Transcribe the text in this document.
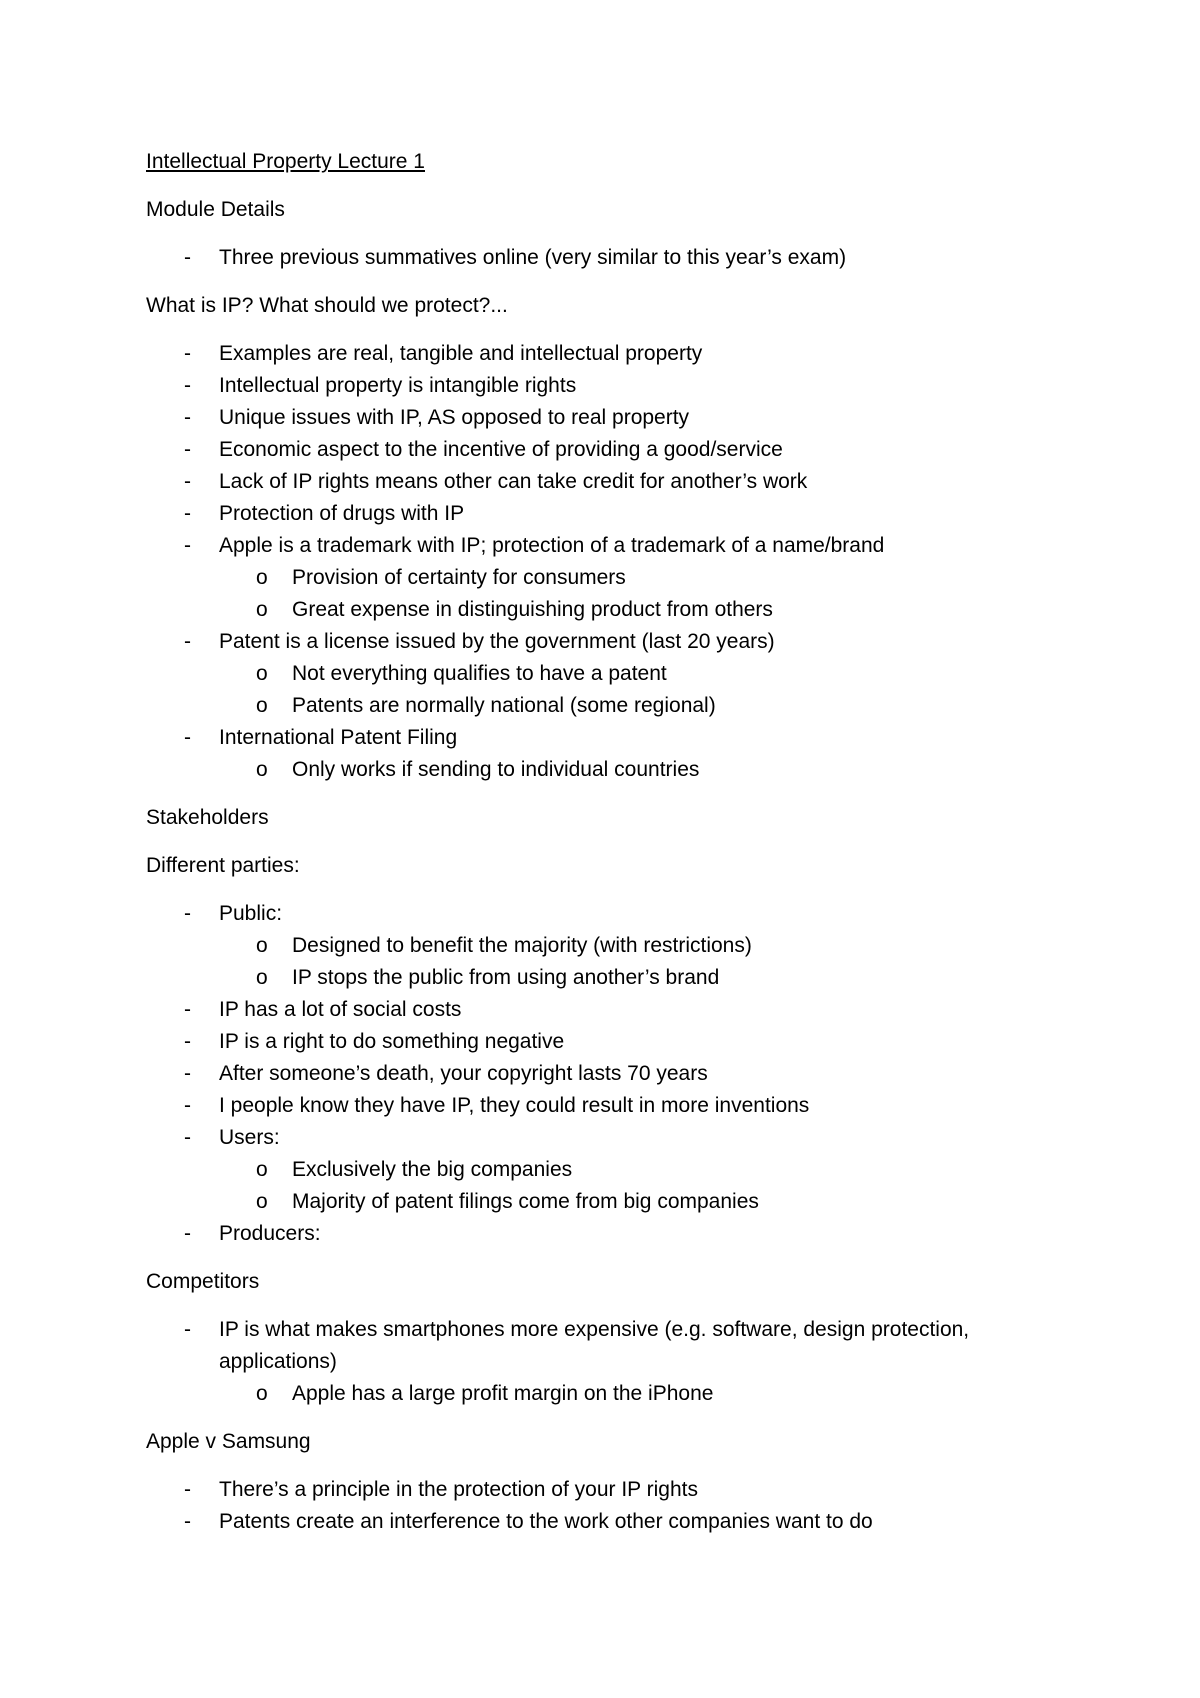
Intellectual Property Lecture 1
Module Details
- Three previous summatives online (very similar to this year’s exam)
What is IP? What should we protect?...
- Examples are real, tangible and intellectual property
- Intellectual property is intangible rights
- Unique issues with IP, AS opposed to real property
- Economic aspect to the incentive of providing a good/service
- Lack of IP rights means other can take credit for another’s work
- Protection of drugs with IP
- Apple is a trademark with IP; protection of a trademark of a name/brand
o Provision of certainty for consumers
o Great expense in distinguishing product from others
- Patent is a license issued by the government (last 20 years)
o Not everything qualifies to have a patent
o Patents are normally national (some regional)
- International Patent Filing
o Only works if sending to individual countries
Stakeholders
Different parties:
- Public:
o Designed to benefit the majority (with restrictions)
o IP stops the public from using another’s brand
- IP has a lot of social costs
- IP is a right to do something negative
- After someone’s death, your copyright lasts 70 years
- I people know they have IP, they could result in more inventions
- Users:
o Exclusively the big companies
o Majority of patent filings come from big companies
- Producers:
Competitors
- IP is what makes smartphones more expensive (e.g. software, design protection, applications)
o Apple has a large profit margin on the iPhone
Apple v Samsung
- There’s a principle in the protection of your IP rights
- Patents create an interference to the work other companies want to do
